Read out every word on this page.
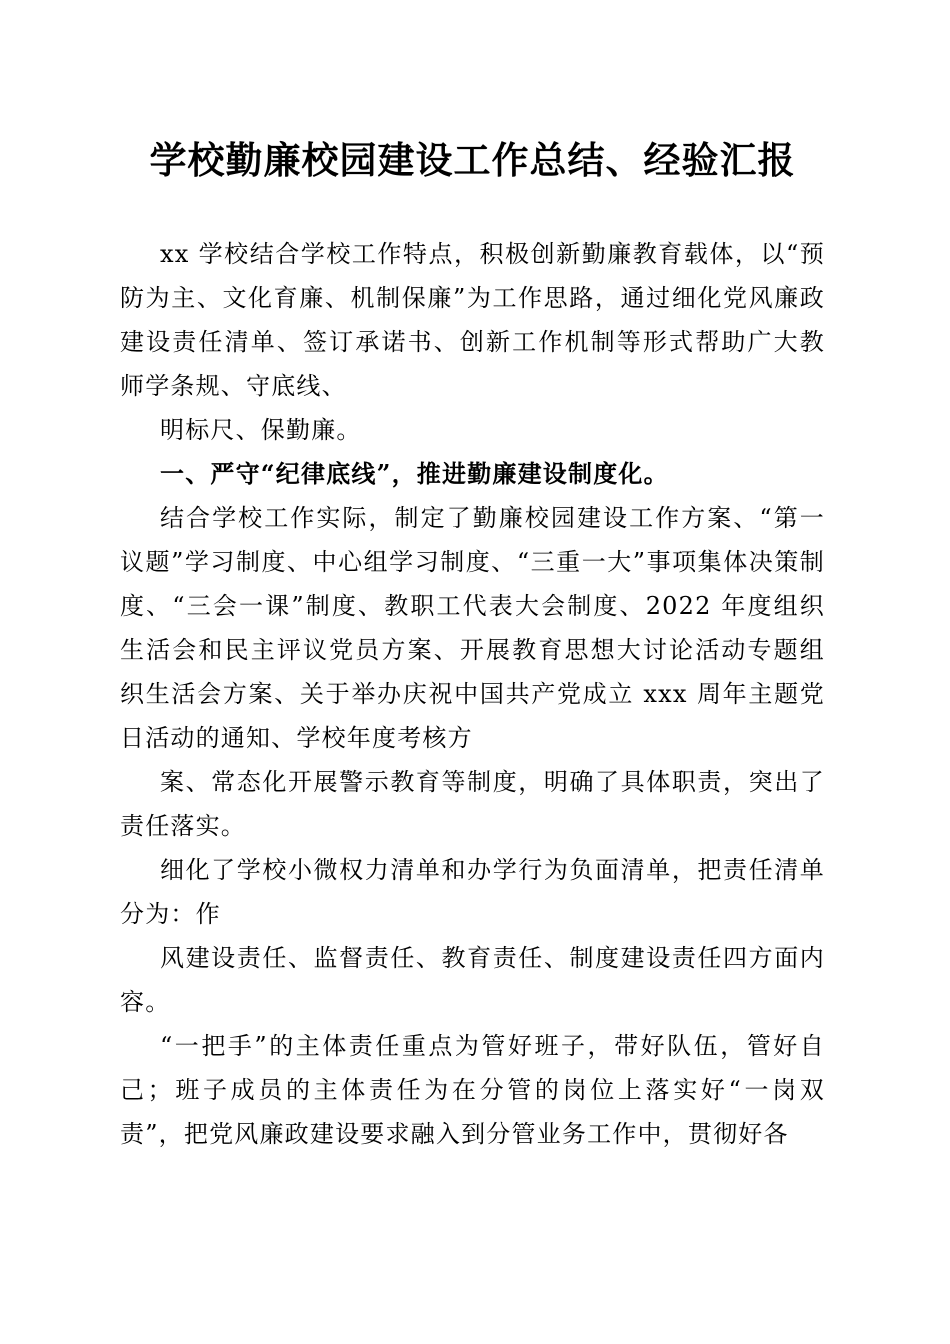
学校勤廉校园建设工作总结、经验汇报

xx 学校结合学校工作特点，积极创新勤廉教育载体，以“预防为主、文化育廉、机制保廉”为工作思路，通过细化党风廉政建设责任清单、签订承诺书、创新工作机制等形式帮助广大教师学条规、守底线、

明标尺、保勤廉。

一、严守“纪律底线”，推进勤廉建设制度化。

结合学校工作实际，制定了勤廉校园建设工作方案、“第一议题”学习制度、中心组学习制度、“三重一大”事项集体决策制度、“三会一课”制度、教职工代表大会制度、2022 年度组织生活会和民主评议党员方案、开展教育思想大讨论活动专题组织生活会方案、关于举办庆祝中国共产党成立 xxx 周年主题党日活动的通知、学校年度考核方

案、常态化开展警示教育等制度，明确了具体职责，突出了责任落实。

细化了学校小微权力清单和办学行为负面清单，把责任清单分为：作

风建设责任、监督责任、教育责任、制度建设责任四方面内容。

“一把手”的主体责任重点为管好班子，带好队伍，管好自己；班子成员的主体责任为在分管的岗位上落实好“一岗双责”，把党风廉政建设要求融入到分管业务工作中，贯彻好各
